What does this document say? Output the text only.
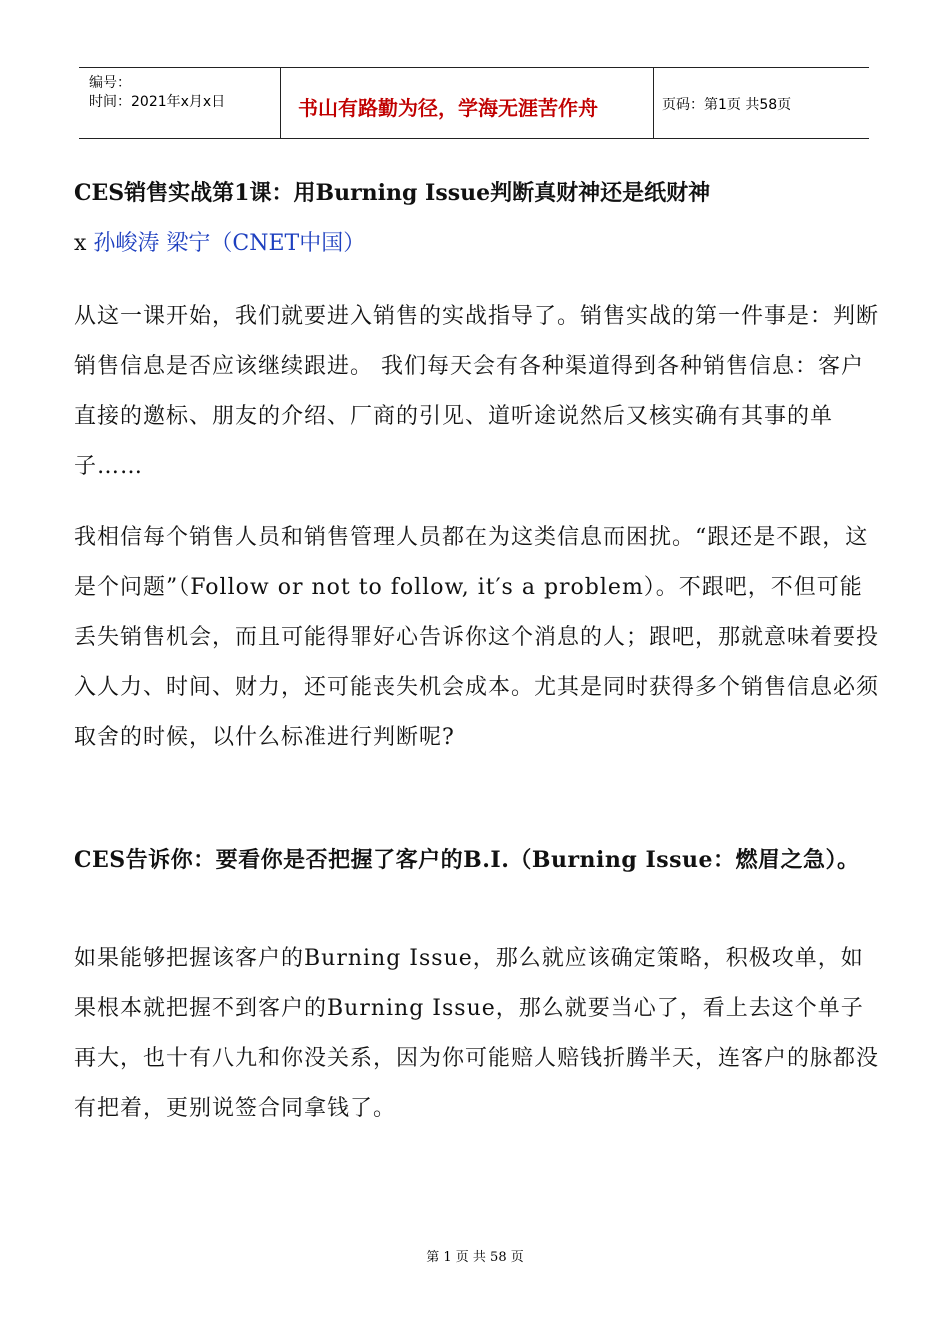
编号：
时间：2021年x月x日	书山有路勤为径，学海无涯苦作舟	页码：第1页 共58页
CES销售实战第1课：用Burning Issue判断真财神还是纸财神
x 孙峻涛 梁宁（CNET中国）
从这一课开始，我们就要进入销售的实战指导了。销售实战的第一件事是：判断销售信息是否应该继续跟进。 我们每天会有各种渠道得到各种销售信息：客户直接的邀标、朋友的介绍、厂商的引见、道听途说然后又核实确有其事的单子……
我相信每个销售人员和销售管理人员都在为这类信息而困扰。“跟还是不跟，这是个问题”（Follow or not to follow, it′s a problem）。不跟吧，不但可能丢失销售机会，而且可能得罪好心告诉你这个消息的人；跟吧，那就意味着要投入人力、时间、财力，还可能丧失机会成本。尤其是同时获得多个销售信息必须取舍的时候，以什么标准进行判断呢?
CES告诉你：要看你是否把握了客户的B.I.（Burning Issue：燃眉之急）。
如果能够把握该客户的Burning Issue，那么就应该确定策略，积极攻单，如果根本就把握不到客户的Burning Issue，那么就要当心了，看上去这个单子再大，也十有八九和你没关系，因为你可能赔人赔钱折腾半天，连客户的脉都没有把着，更别说签合同拿钱了。
第 1 页 共 58 页
